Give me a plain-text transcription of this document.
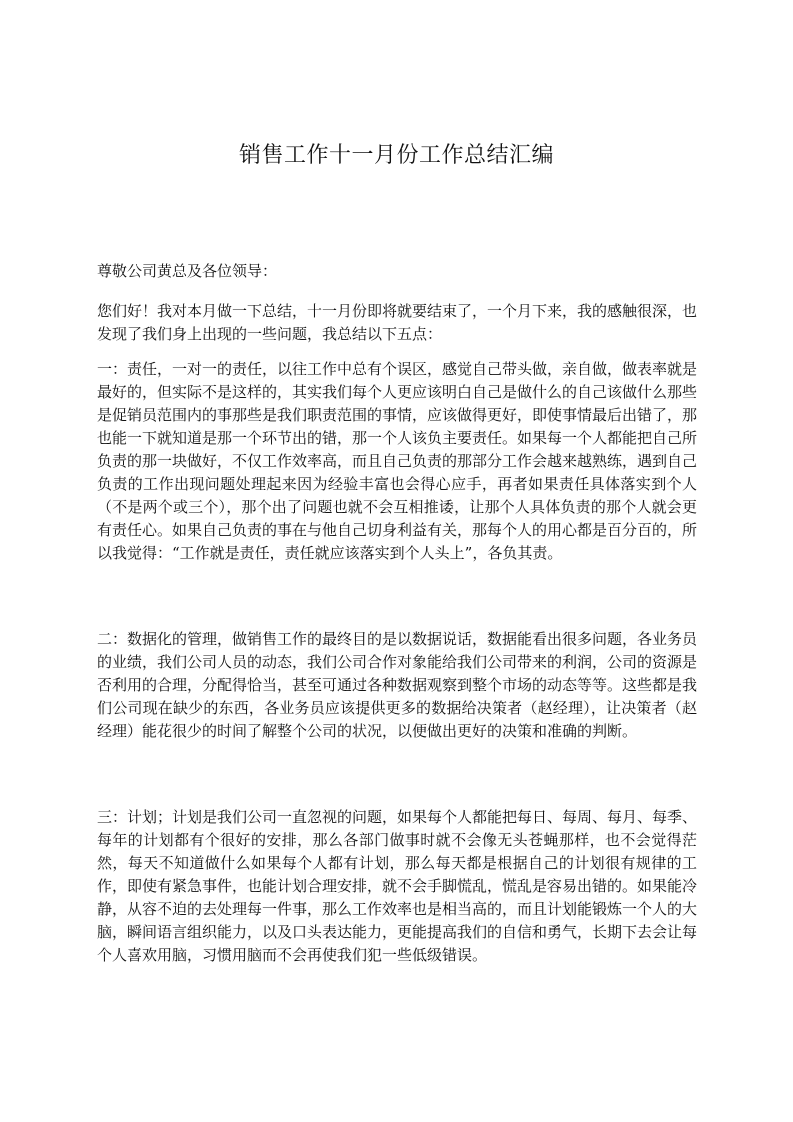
销售工作十一月份工作总结汇编

尊敬公司黄总及各位领导：

您们好！我对本月做一下总结，十一月份即将就要结束了，一个月下来，我的感触很深，也发现了我们身上出现的一些问题，我总结以下五点：

一：责任，一对一的责任，以往工作中总有个误区，感觉自己带头做，亲自做，做表率就是最好的，但实际不是这样的，其实我们每个人更应该明白自己是做什么的自己该做什么那些是促销员范围内的事那些是我们职责范围的事情，应该做得更好，即使事情最后出错了，那也能一下就知道是那一个环节出的错，那一个人该负主要责任。如果每一个人都能把自己所负责的那一块做好，不仅工作效率高，而且自己负责的那部分工作会越来越熟练，遇到自己负责的工作出现问题处理起来因为经验丰富也会得心应手，再者如果责任具体落实到个人（不是两个或三个），那个出了问题也就不会互相推诿，让那个人具体负责的那个人就会更有责任心。如果自己负责的事在与他自己切身利益有关，那每个人的用心都是百分百的，所以我觉得：“工作就是责任，责任就应该落实到个人头上”，各负其责。

二：数据化的管理，做销售工作的最终目的是以数据说话，数据能看出很多问题，各业务员的业绩，我们公司人员的动态，我们公司合作对象能给我们公司带来的利润，公司的资源是否利用的合理，分配得恰当，甚至可通过各种数据观察到整个市场的动态等等。这些都是我们公司现在缺少的东西，各业务员应该提供更多的数据给决策者（赵经理），让决策者（赵经理）能花很少的时间了解整个公司的状况，以便做出更好的决策和准确的判断。

三：计划；计划是我们公司一直忽视的问题，如果每个人都能把每日、每周、每月、每季、每年的计划都有个很好的安排，那么各部门做事时就不会像无头苍蝇那样，也不会觉得茫然，每天不知道做什么如果每个人都有计划，那么每天都是根据自己的计划很有规律的工作，即使有紧急事件，也能计划合理安排，就不会手脚慌乱，慌乱是容易出错的。如果能冷静，从容不迫的去处理每一件事，那么工作效率也是相当高的，而且计划能锻炼一个人的大脑，瞬间语言组织能力，以及口头表达能力，更能提高我们的自信和勇气，长期下去会让每个人喜欢用脑，习惯用脑而不会再使我们犯一些低级错误。
